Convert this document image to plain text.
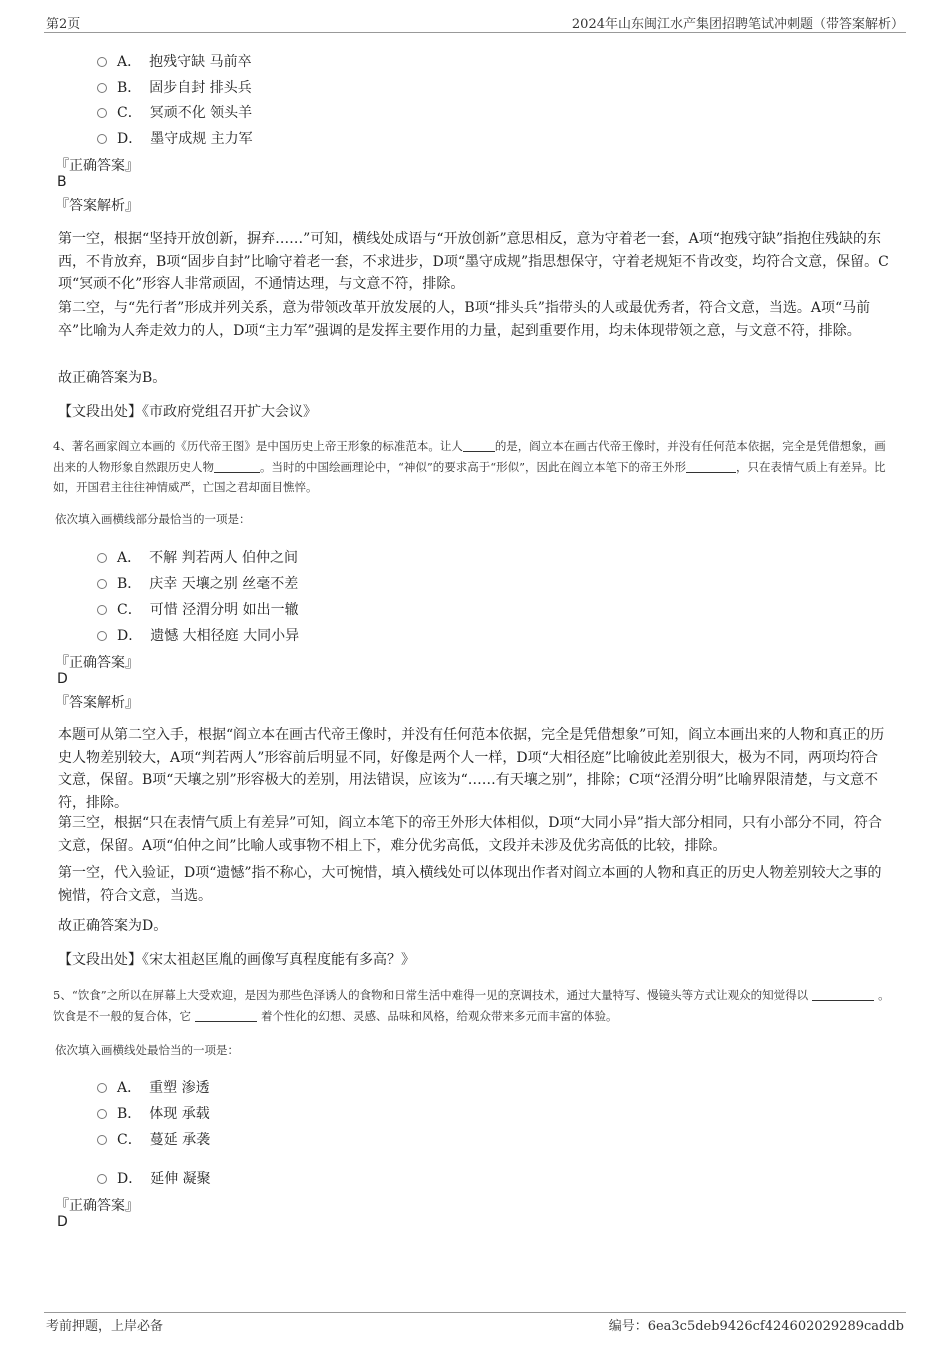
第2页	2024年山东闽江水产集团招聘笔试冲刺题（带答案解析）
A． 抱残守缺 马前卒
B． 固步自封 排头兵
C． 冥顽不化 领头羊
D． 墨守成规 主力军
『正确答案』
B
『答案解析』
第一空，根据“坚持开放创新，摒弃……”可知，横线处成语与“开放创新”意思相反，意为守着老一套，A项“抱残守缺”指抱住残缺的东西，不肯放弃，B项“固步自封”比喻守着老一套，不求进步，D项“墨守成规”指思想保守，守着老规矩不肯改变，均符合文意，保留。C项“冥顽不化”形容人非常顽固，不通情达理，与文意不符，排除。
第二空，与“先行者”形成并列关系，意为带领改革开放发展的人，B项“排头兵”指带头的人或最优秀者，符合文意，当选。A项“马前卒”比喻为人奔走效力的人，D项“主力军”强调的是发挥主要作用的力量，起到重要作用，均未体现带领之意，与文意不符，排除。
故正确答案为B。
【文段出处】《市政府党组召开扩大会议》
4、著名画家阎立本画的《历代帝王图》是中国历史上帝王形象的标准范本。让人	的是，阎立本在画古代帝王像时，并没有任何范本依据，完全是凭借想象，画出来的人物形象自然跟历史人物	。当时的中国绘画理论中，“神似”的要求高于“形似”，因此在阎立本笔下的帝王外形	，只在表情气质上有差异。比如，开国君主往往神情威严，亡国之君却面目憔悴。
依次填入画横线部分最恰当的一项是：
A． 不解 判若两人 伯仲之间
B． 庆幸 天壤之别 丝毫不差
C． 可惜 泾渭分明 如出一辙
D． 遗憾 大相径庭 大同小异
『正确答案』
D
『答案解析』
本题可从第二空入手，根据“阎立本在画古代帝王像时，并没有任何范本依据，完全是凭借想象”可知，阎立本画出来的人物和真正的历史人物差别较大，A项“判若两人”形容前后明显不同，好像是两个人一样，D项“大相径庭”比喻彼此差别很大，极为不同，两项均符合文意，保留。B项“天壤之别”形容极大的差别，用法错误，应该为“……有天壤之别”，排除；C项“泾渭分明”比喻界限清楚，与文意不符，排除。
第三空，根据“只在表情气质上有差异”可知，阎立本笔下的帝王外形大体相似，D项“大同小异”指大部分相同，只有小部分不同，符合文意，保留。A项“伯仲之间”比喻人或事物不相上下，难分优劣高低，文段并未涉及优劣高低的比较，排除。
第一空，代入验证，D项“遗憾”指不称心，大可惋惜，填入横线处可以体现出作者对阎立本画的人物和真正的历史人物差别较大之事的惋惜，符合文意，当选。
故正确答案为D。
【文段出处】《宋太祖赵匡胤的画像写真程度能有多高？》
5、“饮食”之所以在屏幕上大受欢迎，是因为那些色泽诱人的食物和日常生活中难得一见的烹调技术，通过大量特写、慢镜头等方式让观众的知觉得以	。饮食是不一般的复合体，它	着个性化的幻想、灵感、品味和风格，给观众带来多元而丰富的体验。
依次填入画横线处最恰当的一项是：
A． 重塑 渗透
B． 体现 承载
C． 蔓延 承袭
D． 延伸 凝聚
『正确答案』
D
考前押题，上岸必备	编号：6ea3c5deb9426cf424602029289caddb
